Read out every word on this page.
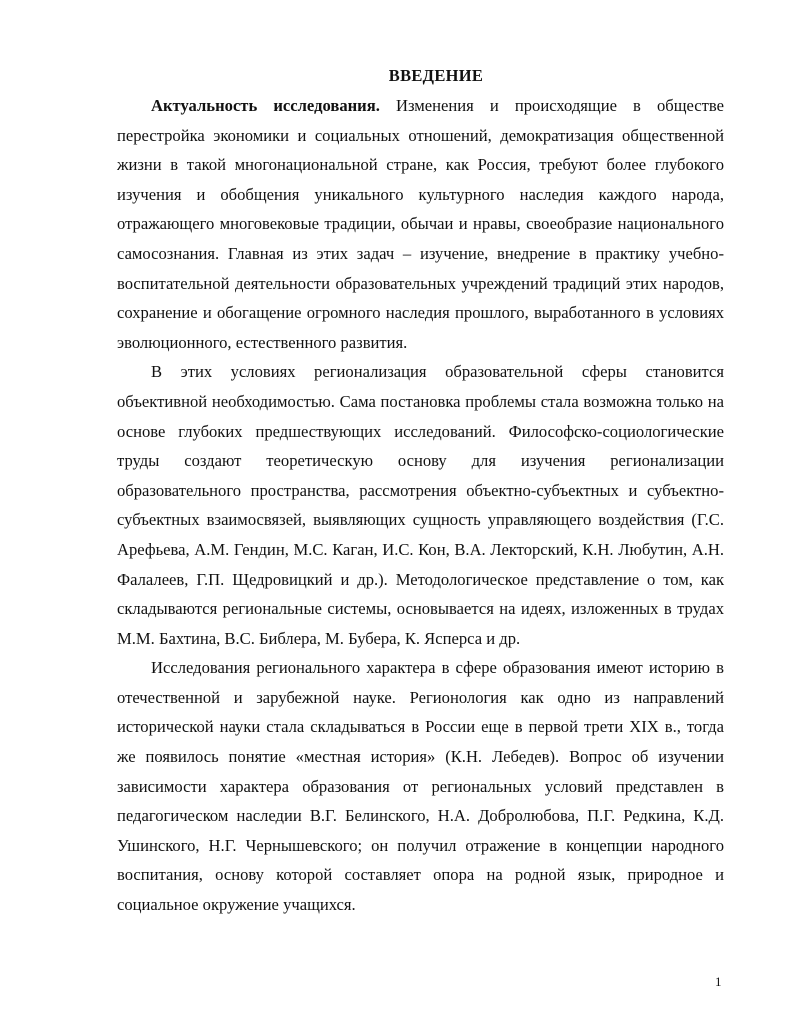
ВВЕДЕНИЕ

Актуальность исследования. Изменения и происходящие в обществе перестройка экономики и социальных отношений, демократизация общественной жизни в такой многонациональной стране, как Россия, требуют более глубокого изучения и обобщения уникального культурного наследия каждого народа, отражающего многовековые традиции, обычаи и нравы, своеобразие национального самосознания. Главная из этих задач – изучение, внедрение в практику учебно-воспитательной деятельности образовательных учреждений традиций этих народов, сохранение и обогащение огромного наследия прошлого, выработанного в условиях эволюционного, естественного развития.

В этих условиях регионализация образовательной сферы становится объективной необходимостью. Сама постановка проблемы стала возможна только на основе глубоких предшествующих исследований. Философско-социологические труды создают теоретическую основу для изучения регионализации образовательного пространства, рассмотрения объектно-субъектных и субъектно-субъектных взаимосвязей, выявляющих сущность управляющего воздействия (Г.С. Арефьева, А.М. Гендин, М.С. Каган, И.С. Кон, В.А. Лекторский, К.Н. Любутин, А.Н. Фалалеев, Г.П. Щедровицкий и др.). Методологическое представление о том, как складываются региональные системы, основывается на идеях, изложенных в трудах М.М. Бахтина, В.С. Библера, М. Бубера, К. Ясперса и др.

Исследования регионального характера в сфере образования имеют историю в отечественной и зарубежной науке. Регионология как одно из направлений исторической науки стала складываться в России еще в первой трети XIX в., тогда же появилось понятие «местная история» (К.Н. Лебедев). Вопрос об изучении зависимости характера образования от региональных условий представлен в педагогическом наследии В.Г. Белинского, Н.А. Добролюбова, П.Г. Редкина, К.Д. Ушинского, Н.Г. Чернышевского; он получил отражение в концепции народного воспитания, основу которой составляет опора на родной язык, природное и социальное окружение учащихся.

1
